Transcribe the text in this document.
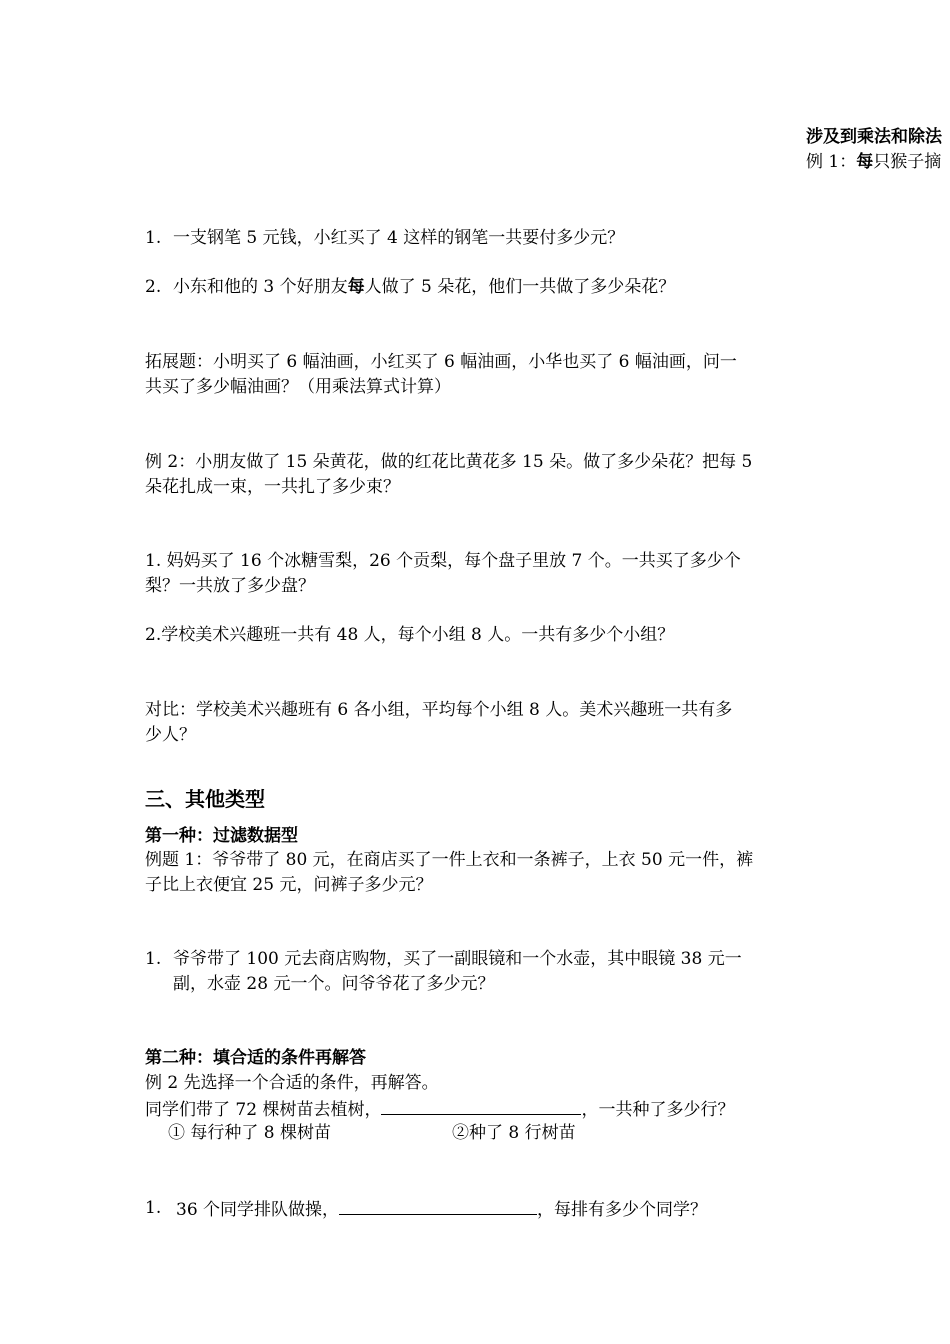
涉及到乘法和除法
例 1：每只猴子摘
1. 一支钢笔 5 元钱，小红买了 4 这样的钢笔一共要付多少元？
2. 小东和他的 3 个好朋友每人做了 5 朵花，他们一共做了多少朵花？
拓展题：小明买了 6 幅油画，小红买了 6 幅油画，小华也买了 6 幅油画，问一
共买了多少幅油画？（用乘法算式计算）
例 2：小朋友做了 15 朵黄花，做的红花比黄花多 15 朵。做了多少朵花？把每 5
朵花扎成一束，一共扎了多少束？
1. 妈妈买了 16 个冰糖雪梨，26 个贡梨，每个盘子里放 7 个。一共买了多少个
梨？一共放了多少盘？
2.学校美术兴趣班一共有 48 人，每个小组 8 人。一共有多少个小组？
对比：学校美术兴趣班有 6 各小组，平均每个小组 8 人。美术兴趣班一共有多
少人？
三、其他类型
第一种：过滤数据型
例题 1：爷爷带了 80 元，在商店买了一件上衣和一条裤子，上衣 50 元一件，裤
子比上衣便宜 25 元，问裤子多少元？
1. 爷爷带了 100 元去商店购物，买了一副眼镜和一个水壶，其中眼镜 38 元一
副，水壶 28 元一个。问爷爷花了多少元？
第二种：填合适的条件再解答
例 2 先选择一个合适的条件，再解答。
同学们带了 72 棵树苗去植树，	，一共种了多少行？
① 每行种了 8 棵树苗	②种了 8 行树苗
1. 36 个同学排队做操，	，每排有多少个同学？
